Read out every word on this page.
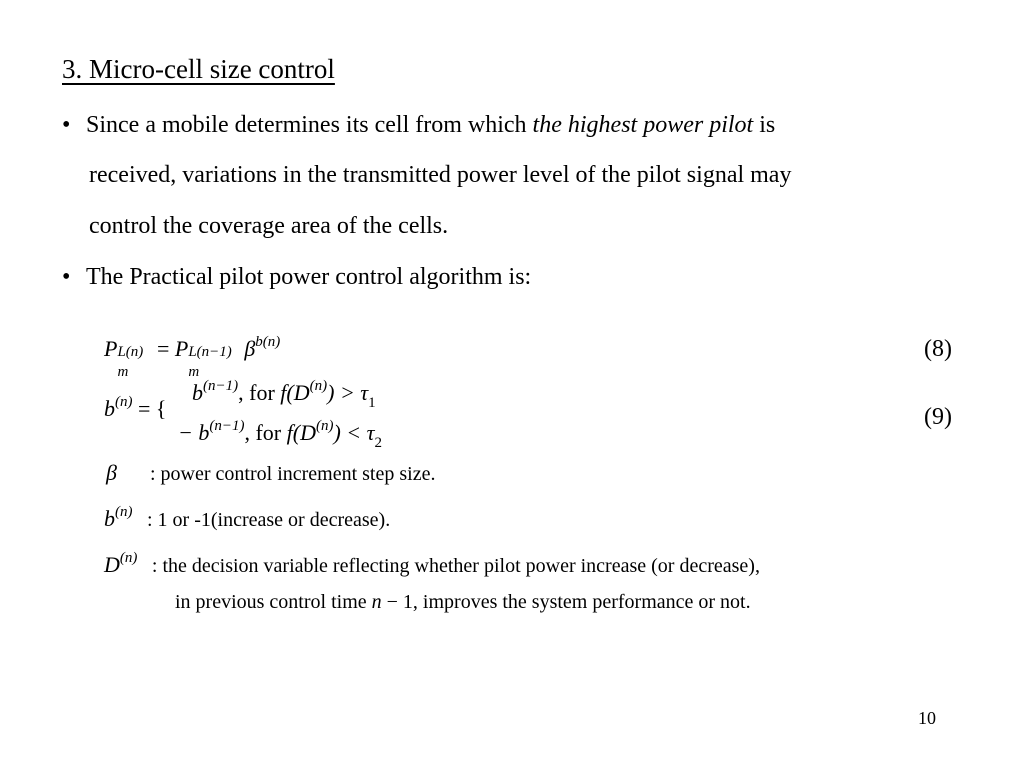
3. Micro-cell size control
• Since a mobile determines its cell from which the highest power pilot is
received, variations in the transmitted power level of the pilot signal may
control the coverage area of the cells.
• The Practical pilot power control algorithm is:
P L(n)
m
= P L(n−1)
m
$\beta^{b(n)}$	(8)
$b^{(n)}$ = {
$b^{(n-1)}$, for $f(D^{(n)}) > \tau_1$
− $b^{(n-1)}$, for $f(D^{(n)}) < \tau_2$
(9)
β : power control increment step size.
b(n) : 1 or -1(increase or decrease).
D(n) : the decision variable reflecting whether pilot power increase (or decrease),
in previous control time n − 1, improves the system performance or not.
10
